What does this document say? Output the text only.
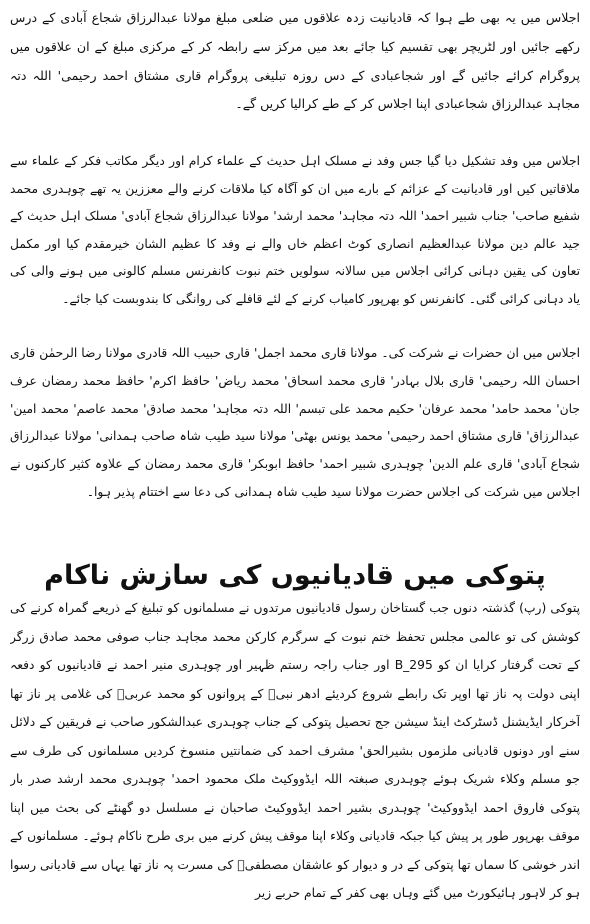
اجلاس میں یہ بھی طے ہوا کہ قادیانیت زدہ علاقوں میں ضلعی مبلغ مولانا عبدالرزاق شجاع آبادی کے درس رکھے جائیں اور لٹریچر بھی تقسیم کیا جائے بعد میں مرکز سے رابطہ کر کے مرکزی مبلغ کے ان علاقوں میں پروگرام کرائے جائیں گے اور شجاعبادی کے دس روزہ تبلیغی پروگرام قاری مشتاق احمد رحیمی' اللہ دتہ مجاہد عبدالرزاق شجاعبادی اپنا اجلاس کر کے طے کرالیا کریں گے۔

اجلاس میں وفد تشکیل دیا گیا جس وفد نے مسلک اہل حدیث کے علماء کرام اور دیگر مکاتب فکر کے علماء سے ملاقاتیں کیں اور قادیانیت کے عزائم کے بارے میں ان کو آگاہ کیا ملاقات کرنے والے معززین یہ تھے چوہدری محمد شفیع صاحب' جناب شبیر احمد' اللہ دتہ مجاہد' محمد ارشد' مولانا عبدالرزاق شجاع آبادی' مسلک اہل حدیث کے جید عالم دین مولانا عبدالعظیم انصاری کوٹ اعظم خاں والے نے وفد کا عظیم الشان خیرمقدم کیا اور مکمل تعاون کی یقین دہانی کرائی اجلاس میں سالانہ سولویں ختم نبوت کانفرنس مسلم کالونی میں ہونے والی کی یاد دہانی کرائی گئی۔ کانفرنس کو بھرپور کامیاب کرنے کے لئے قافلے کی روانگی کا بندوبست کیا جائے۔

اجلاس میں ان حضرات نے شرکت کی۔ مولانا قاری محمد اجمل' قاری حبیب اللہ قادری مولانا رضا الرحمٰن قاری احسان اللہ رحیمی' قاری بلال بہادر' قاری محمد اسحاق' محمد ریاض' حافظ اکرم' حافظ محمد رمضان عرف جان' محمد حامد' محمد عرفان' حکیم محمد علی تبسم' اللہ دتہ مجاہد' محمد صادق' محمد عاصم' محمد امین' عبدالرزاق' قاری مشتاق احمد رحیمی' محمد یونس بھٹی' مولانا سید طیب شاہ صاحب ہمدانی' مولانا عبدالرزاق شجاع آبادی' قاری علم الدین' چوہدری شبیر احمد' حافظ ابوبکر' قاری محمد رمضان کے علاوہ کثیر کارکنوں نے اجلاس میں شرکت کی اجلاس حضرت مولانا سید طیب شاہ ہمدانی کی دعا سے اختتام پذیر ہوا۔

پتوکی میں قادیانیوں کی سازش ناکام

پتوکی (رپ) گذشتہ دنوں جب گستاخان رسول قادیانیوں مرتدوں نے مسلمانوں کو تبلیغ کے ذریعے گمراہ کرنے کی کوشش کی تو عالمی مجلس تحفظ ختم نبوت کے سرگرم کارکن محمد مجاہد جناب صوفی محمد صادق زرگر اور جناب راجہ رستم ظہیر اور چوہدری منیر احمد نے قادیانیوں کو دفعہ B_295 کے تحت گرفتار کرایا ان کو اپنی دولت پہ ناز تھا اوپر تک رابطے شروع کردیئے ادھر نبیؐ کے پروانوں کو محمد عربیؐ کی غلامی پر ناز تھا آخرکار ایڈیشنل ڈسٹرکٹ اینڈ سیشن جج تحصیل پتوکی کے جناب چوہدری عبدالشکور صاحب نے فریقین کے دلائل سنے اور دونوں قادیانی ملزموں بشیرالحق' مشرف احمد کی ضمانتیں منسوخ کردیں مسلمانوں کی طرف سے جو مسلم وکلاء شریک ہوئے چوہدری صبغتہ اللہ ایڈووکیٹ ملک محمود احمد' چوہدری محمد ارشد صدر بار پتوکی فاروق احمد ایڈووکیٹ' چوہدری بشیر احمد ایڈووکیٹ صاحبان نے مسلسل دو گھنٹے کی بحث میں اپنا موقف بھرپور طور پر پیش کیا جبکہ قادیانی وکلاء اپنا موقف پیش کرنے میں بری طرح ناکام ہوئے۔ مسلمانوں کے اندر خوشی کا سماں تھا پتوکی کے در و دیوار کو عاشقان مصطفیؐ کی مسرت پہ ناز تھا یہاں سے قادیانی رسوا ہو کر لاہور ہائیکورٹ میں گئے وہاں بھی کفر کے تمام حربے زیر
